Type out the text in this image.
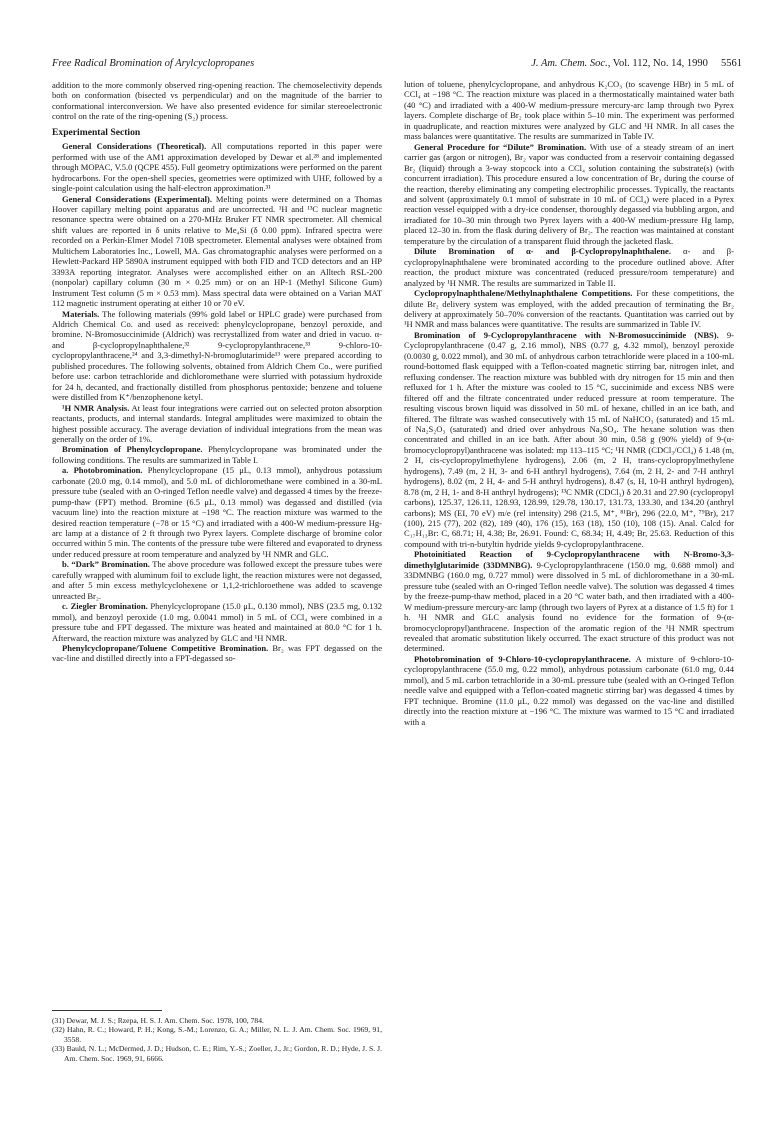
Free Radical Bromination of Arylcyclopropanes	J. Am. Chem. Soc., Vol. 112, No. 14, 1990 5561

addition to the more commonly observed ring-opening reaction. The chemoselectivity depends both on conformation (bisected vs perpendicular) and on the magnitude of the barrier to conformational interconversion. We have also presented evidence for similar stereoelectronic control on the rate of the ring-opening (S₂) process.

Experimental Section

General Considerations (Theoretical). All computations reported in this paper were performed with use of the AM1 approximation developed by Dewar et al.²⁸ and implemented through MOPAC, V.5.0 (QCPE 455). Full geometry optimizations were performed on the parent hydrocarbons. For the open-shell species, geometries were optimized with UHF, followed by a single-point calculation using the half-electron approximation.³¹

General Considerations (Experimental). Melting points were determined on a Thomas Hoover capillary melting point apparatus and are uncorrected. ¹H and ¹³C nuclear magnetic resonance spectra were obtained on a 270-MHz Bruker FT NMR spectrometer. All chemical shift values are reported in δ units relative to Me₄Si (δ 0.00 ppm). Infrared spectra were recorded on a Perkin-Elmer Model 710B spectrometer. Elemental analyses were obtained from Multichem Laboratories Inc., Lowell, MA. Gas chromatographic analyses were performed on a Hewlett-Packard HP 5890A instrument equipped with both FID and TCD detectors and an HP 3393A reporting integrator. Analyses were accomplished either on an Alltech RSL-200 (nonpolar) capillary column (30 m × 0.25 mm) or on an HP-1 (Methyl Silicone Gum) Instrument Test column (5 m × 0.53 mm). Mass spectral data were obtained on a Varian MAT 112 magnetic instrument operating at either 10 or 70 eV.

Materials. The following materials (99% gold label or HPLC grade) were purchased from Aldrich Chemical Co. and used as received: phenylcyclopropane, benzoyl peroxide, and bromine. N-Bromosuccinimide (Aldrich) was recrystallized from water and dried in vacuo. α- and β-cyclopropylnaphthalene,³² 9-cyclopropylanthracene,³³ 9-chloro-10-cyclopropylanthracene,²⁴ and 3,3-dimethyl-N-bromoglutarimide¹³ were prepared according to published procedures. The following solvents, obtained from Aldrich Chem Co., were purified before use: carbon tetrachloride and dichloromethane were slurried with potassium hydroxide for 24 h, decanted, and fractionally distilled from phosphorus pentoxide; benzene and toluene were distilled from K⁺/benzophenone ketyl.

¹H NMR Analysis. At least four integrations were carried out on selected proton absorption reactants, products, and internal standards. Integral amplitudes were maximized to obtain the highest possible accuracy. The average deviation of individual integrations from the mean was generally on the order of 1%.

Bromination of Phenylcyclopropane. Phenylcyclopropane was brominated under the following conditions. The results are summarized in Table I.

a. Photobromination. Phenylcyclopropane (15 μL, 0.13 mmol), anhydrous potassium carbonate (20.0 mg, 0.14 mmol), and 5.0 mL of dichloromethane were combined in a 30-mL pressure tube (sealed with an O-ringed Teflon needle valve) and degassed 4 times by the freeze-pump-thaw (FPT) method. Bromine (6.5 μL, 0.13 mmol) was degassed and distilled (via vacuum line) into the reaction mixture at −198 °C. The reaction mixture was warmed to the desired reaction temperature (−78 or 15 °C) and irradiated with a 400-W medium-pressure Hg-arc lamp at a distance of 2 ft through two Pyrex layers. Complete discharge of bromine color occurred within 5 min. The contents of the pressure tube were filtered and evaporated to dryness under reduced pressure at room temperature and analyzed by ¹H NMR and GLC.

b. “Dark” Bromination. The above procedure was followed except the pressure tubes were carefully wrapped with aluminum foil to exclude light, the reaction mixtures were not degassed, and after 5 min excess methylcyclohexene or 1,1,2-trichloroethene was added to scavenge unreacted Br₂.

c. Ziegler Bromination. Phenylcyclopropane (15.0 μL, 0.130 mmol), NBS (23.5 mg, 0.132 mmol), and benzoyl peroxide (1.0 mg, 0.0041 mmol) in 5 mL of CCl₄ were combined in a pressure tube and FPT degassed. The mixture was heated and maintained at 80.0 °C for 1 h. Afterward, the reaction mixture was analyzed by GLC and ¹H NMR.

Phenylcyclopropane/Toluene Competitive Bromination. Br₂ was FPT degassed on the vac-line and distilled directly into a FPT-degassed so-

(31) Dewar, M. J. S.; Rzepa, H. S. J. Am. Chem. Soc. 1978, 100, 784.
(32) Hahn, R. C.; Howard, P. H.; Kong, S.-M.; Lorenzo, G. A.; Miller, N. L. J. Am. Chem. Soc. 1969, 91, 3558.
(33) Bauld, N. L.; McDermed, J. D.; Hudson, C. E.; Rim, Y.-S.; Zoeller, J., Jr.; Gordon, R. D.; Hyde, J. S. J. Am. Chem. Soc. 1969, 91, 6666.

lution of toluene, phenylcyclopropane, and anhydrous K₂CO₃ (to scavenge HBr) in 5 mL of CCl₄ at −198 °C. The reaction mixture was placed in a thermostatically maintained water bath (40 °C) and irradiated with a 400-W medium-pressure mercury-arc lamp through two Pyrex layers. Complete discharge of Br₂ took place within 5–10 min. The experiment was performed in quadruplicate, and reaction mixtures were analyzed by GLC and ¹H NMR. In all cases the mass balances were quantitative. The results are summarized in Table IV.

General Procedure for “Dilute” Bromination. With use of a steady stream of an inert carrier gas (argon or nitrogen), Br₂ vapor was conducted from a reservoir containing degassed Br₂ (liquid) through a 3-way stopcock into a CCl₄ solution containing the substrate(s) (with concurrent irradiation). This procedure ensured a low concentration of Br₂ during the course of the reaction, thereby eliminating any competing electrophilic processes. Typically, the reactants and solvent (approximately 0.1 mmol of substrate in 10 mL of CCl₄) were placed in a Pyrex reaction vessel equipped with a dry-ice condenser, thoroughly degassed via bubbling argon, and irradiated for 10–30 min through two Pyrex layers with a 400-W medium-pressure Hg lamp, placed 12–30 in. from the flask during delivery of Br₂. The reaction was maintained at constant temperature by the circulation of a transparent fluid through the jacketed flask.

Dilute Bromination of α- and β-Cyclopropylnaphthalene. α- and β-cyclopropylnaphthalene were brominated according to the procedure outlined above. After reaction, the product mixture was concentrated (reduced pressure/room temperature) and analyzed by ¹H NMR. The results are summarized in Table II.

Cyclopropylnaphthalene/Methylnaphthalene Competitions. For these competitions, the dilute Br₂ delivery system was employed, with the added precaution of terminating the Br₂ delivery at approximately 50–70% conversion of the reactants. Quantitation was carried out by ¹H NMR and mass balances were quantitative. The results are summarized in Table IV.

Bromination of 9-Cyclopropylanthracene with N-Bromosuccinimide (NBS). 9-Cyclopropylanthracene (0.47 g, 2.16 mmol), NBS (0.77 g, 4.32 mmol), benzoyl peroxide (0.0030 g, 0.022 mmol), and 30 mL of anhydrous carbon tetrachloride were placed in a 100-mL round-bottomed flask equipped with a Teflon-coated magnetic stirring bar, nitrogen inlet, and refluxing condenser. The reaction mixture was bubbled with dry nitrogen for 15 min and then refluxed for 1 h. After the mixture was cooled to 15 °C, succinimide and excess NBS were filtered off and the filtrate concentrated under reduced pressure at room temperature. The resulting viscous brown liquid was dissolved in 50 mL of hexane, chilled in an ice bath, and filtered. The filtrate was washed consecutively with 15 mL of NaHCO₃ (saturated) and 15 mL of Na₂S₂O₃ (saturated) and dried over anhydrous Na₂SO₄. The hexane solution was then concentrated and chilled in an ice bath. After about 30 min, 0.58 g (90% yield) of 9-(α-bromocyclopropyl)anthracene was isolated: mp 113–115 °C; ¹H NMR (CDCl₃/CCl₄) δ 1.48 (m, 2 H, cis-cyclopropylmethylene hydrogens), 2.06 (m, 2 H, trans-cyclopropylmethylene hydrogens), 7.49 (m, 2 H, 3- and 6-H anthryl hydrogens), 7.64 (m, 2 H, 2- and 7-H anthryl hydrogens), 8.02 (m, 2 H, 4- and 5-H anthryl hydrogens), 8.47 (s, H, 10-H anthryl hydrogen), 8.78 (m, 2 H, 1- and 8-H anthryl hydrogens); ¹³C NMR (CDCl₃) δ 20.31 and 27.90 (cyclopropyl carbons), 125.37, 126.11, 128.93, 128.99, 129.78, 130.17, 131.73, 133.30, and 134.20 (anthryl carbons); MS (EI, 70 eV) m/e (rel intensity) 298 (21.5, M⁺, ⁸¹Br), 296 (22.0, M⁺, ⁷⁹Br), 217 (100), 215 (77), 202 (82), 189 (40), 176 (15), 163 (18), 150 (10), 108 (15). Anal. Calcd for C₁₇H₁₃Br: C, 68.71; H, 4.38; Br, 26.91. Found: C, 68.34; H, 4.49; Br, 25.63. Reduction of this compound with tri-n-butyltin hydride yields 9-cyclopropylanthracene.

Photoinitiated Reaction of 9-Cyclopropylanthracene with N-Bromo-3,3-dimethylglutarimide (33DMNBG). 9-Cyclopropylanthracene (150.0 mg, 0.688 mmol) and 33DMNBG (160.0 mg, 0.727 mmol) were dissolved in 5 mL of dichloromethane in a 30-mL pressure tube (sealed with an O-ringed Teflon needle valve). The solution was degassed 4 times by the freeze-pump-thaw method, placed in a 20 °C water bath, and then irradiated with a 400-W medium-pressure mercury-arc lamp (through two layers of Pyrex at a distance of 1.5 ft) for 1 h. ¹H NMR and GLC analysis found no evidence for the formation of 9-(α-bromocyclopropyl)anthracene. Inspection of the aromatic region of the ¹H NMR spectrum revealed that aromatic substitution likely occurred. The exact structure of this product was not determined.

Photobromination of 9-Chloro-10-cyclopropylanthracene. A mixture of 9-chloro-10-cyclopropylanthracene (55.0 mg, 0.22 mmol), anhydrous potassium carbonate (61.0 mg, 0.44 mmol), and 5 mL carbon tetrachloride in a 30-mL pressure tube (sealed with an O-ringed Teflon needle valve and equipped with a Teflon-coated magnetic stirring bar) was degassed 4 times by FPT technique. Bromine (11.0 μL, 0.22 mmol) was degassed on the vac-line and distilled directly into the reaction mixture at −196 °C. The mixture was warmed to 15 °C and irradiated with a
